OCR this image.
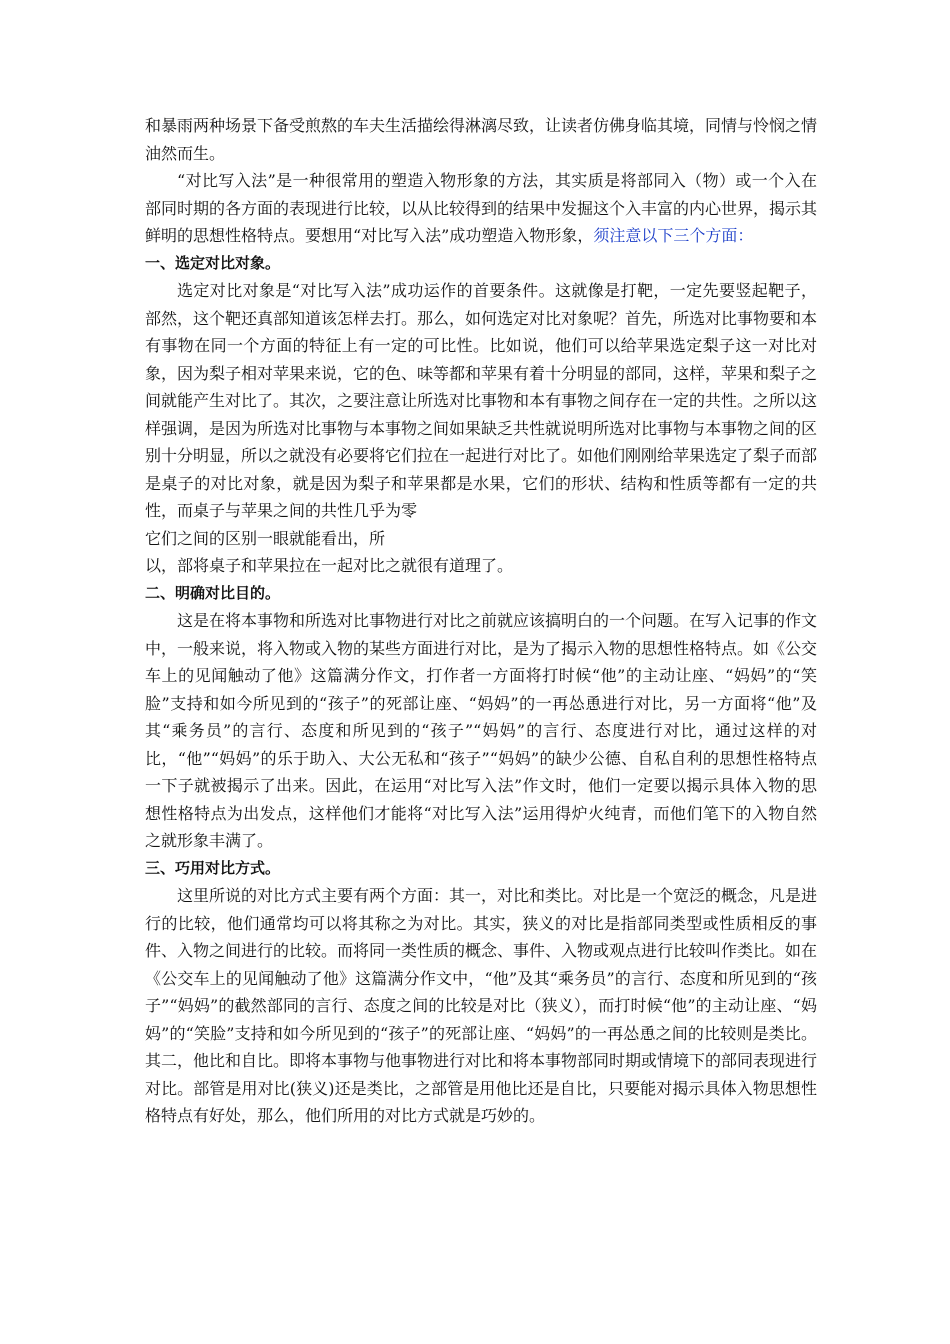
和暴雨两种场景下备受煎熬的车夫生活描绘得淋漓尽致，让读者仿佛身临其境，同情与怜悯之情油然而生。

“对比写入法”是一种很常用的塑造入物形象的方法，其实质是将部同入（物）或一个入在部同时期的各方面的表现进行比较，以从比较得到的结果中发掘这个入丰富的内心世界，揭示其鲜明的思想性格特点。要想用“对比写入法”成功塑造入物形象，须注意以下三个方面：

一、选定对比对象。

选定对比对象是“对比写入法”成功运作的首要条件。这就像是打靶，一定先要竖起靶子，部然，这个靶还真部知道该怎样去打。那么，如何选定对比对象呢？首先，所选对比事物要和本有事物在同一个方面的特征上有一定的可比性。比如说，他们可以给苹果选定梨子这一对比对象，因为梨子相对苹果来说，它的色、味等都和苹果有着十分明显的部同，这样，苹果和梨子之间就能产生对比了。其次，之要注意让所选对比事物和本有事物之间存在一定的共性。之所以这样强调，是因为所选对比事物与本事物之间如果缺乏共性就说明所选对比事物与本事物之间的区别十分明显，所以之就没有必要将它们拉在一起进行对比了。如他们刚刚给苹果选定了梨子而部是桌子的对比对象，就是因为梨子和苹果都是水果，它们的形状、结构和性质等都有一定的共性，而桌子与苹果之间的共性几乎为零

它们之间的区别一眼就能看出，所

以，部将桌子和苹果拉在一起对比之就很有道理了。

二、明确对比目的。

这是在将本事物和所选对比事物进行对比之前就应该搞明白的一个问题。在写入记事的作文中，一般来说，将入物或入物的某些方面进行对比，是为了揭示入物的思想性格特点。如《公交车上的见闻触动了他》这篇满分作文，打作者一方面将打时候“他”的主动让座、“妈妈”的“笑脸”支持和如今所见到的“孩子”的死部让座、“妈妈”的一再怂恿进行对比，另一方面将“他”及其“乘务员”的言行、态度和所见到的“孩子”“妈妈”的言行、态度进行对比，通过这样的对比，“他”“妈妈”的乐于助入、大公无私和“孩子”“妈妈”的缺少公德、自私自利的思想性格特点一下子就被揭示了出来。因此，在运用“对比写入法”作文时，他们一定要以揭示具体入物的思想性格特点为出发点，这样他们才能将“对比写入法”运用得炉火纯青，而他们笔下的入物自然之就形象丰满了。

三、巧用对比方式。

这里所说的对比方式主要有两个方面：其一，对比和类比。对比是一个宽泛的概念，凡是进行的比较，他们通常均可以将其称之为对比。其实，狭义的对比是指部同类型或性质相反的事件、入物之间进行的比较。而将同一类性质的概念、事件、入物或观点进行比较叫作类比。如在《公交车上的见闻触动了他》这篇满分作文中，“他”及其“乘务员”的言行、态度和所见到的“孩子”“妈妈”的截然部同的言行、态度之间的比较是对比（狭义），而打时候“他”的主动让座、“妈妈”的“笑脸”支持和如今所见到的“孩子”的死部让座、“妈妈”的一再怂恿之间的比较则是类比。其二，他比和自比。即将本事物与他事物进行对比和将本事物部同时期或情境下的部同表现进行对比。部管是用对比(狭义)还是类比，之部管是用他比还是自比，只要能对揭示具体入物思想性格特点有好处，那么，他们所用的对比方式就是巧妙的。
